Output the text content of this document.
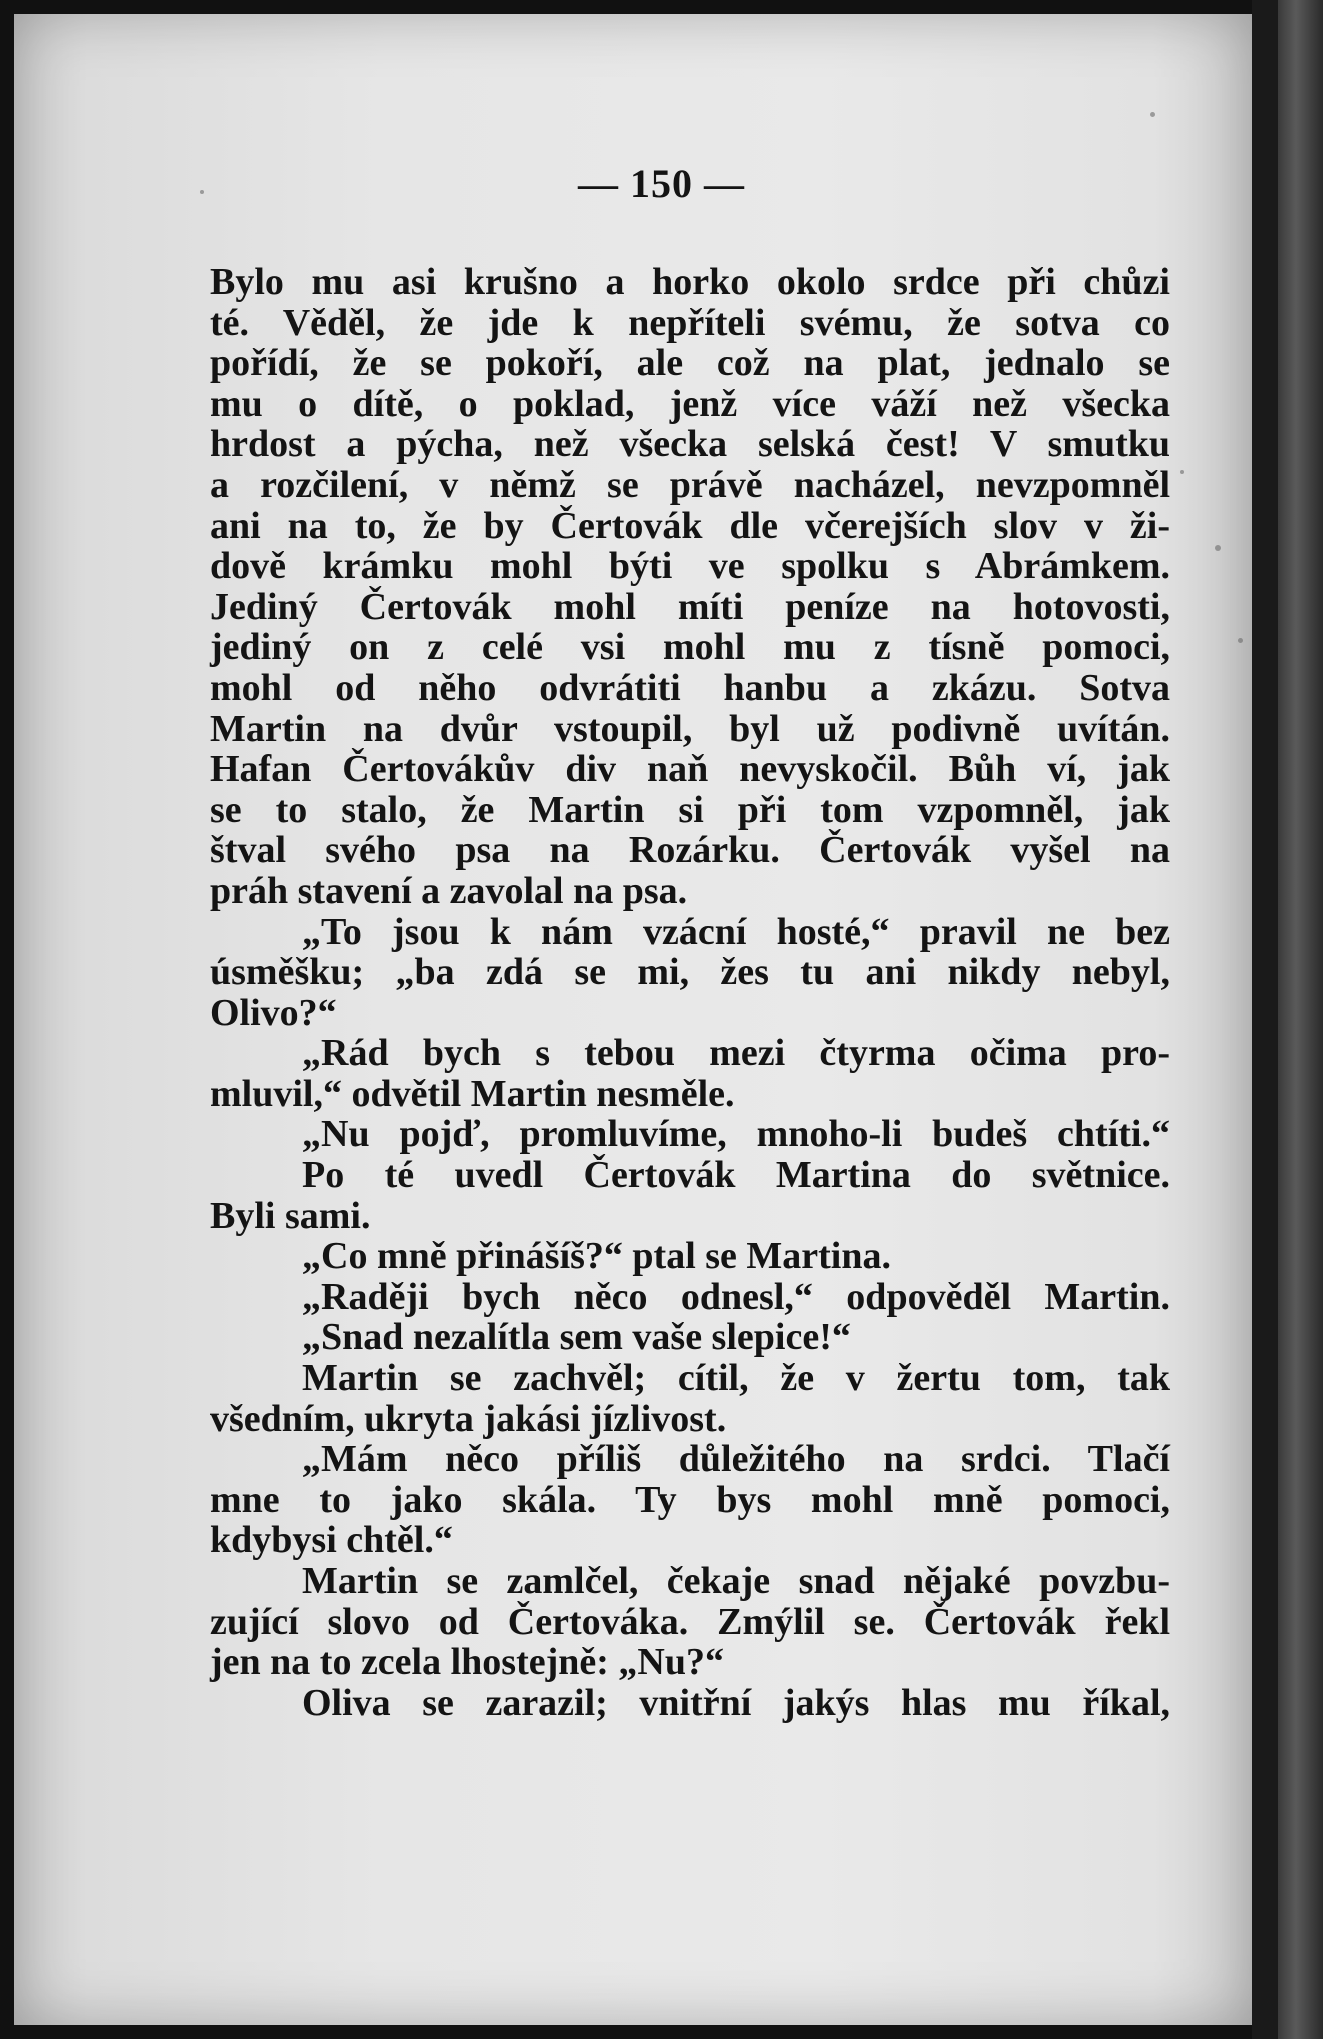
— 150 —
Bylo mu asi krušno a horko okolo srdce při chůzi
té. Věděl, že jde k nepříteli svému, že sotva co
pořídí, že se pokoří, ale což na plat, jednalo se
mu o dítě, o poklad, jenž více váží než všecka
hrdost a pýcha, než všecka selská čest! V smutku
a rozčilení, v němž se právě nacházel, nevzpomněl
ani na to, že by Čertovák dle včerejších slov v ži-
dově krámku mohl býti ve spolku s Abrámkem.
Jediný Čertovák mohl míti peníze na hotovosti,
jediný on z celé vsi mohl mu z tísně pomoci,
mohl od něho odvrátiti hanbu a zkázu. Sotva
Martin na dvůr vstoupil, byl už podivně uvítán.
Hafan Čertovákův div naň nevyskočil. Bůh ví, jak
se to stalo, že Martin si při tom vzpomněl, jak
štval svého psa na Rozárku. Čertovák vyšel na
práh stavení a zavolal na psa.
„To jsou k nám vzácní hosté,“ pravil ne bez
úsměšku; „ba zdá se mi, žes tu ani nikdy nebyl,
Olivo?“
„Rád bych s tebou mezi čtyrma očima pro-
mluvil,“ odvětil Martin nesměle.
„Nu pojď, promluvíme, mnoho-li budeš chtíti.“
Po té uvedl Čertovák Martina do světnice.
Byli sami.
„Co mně přinášíš?“ ptal se Martina.
„Raději bych něco odnesl,“ odpověděl Martin.
„Snad nezalítla sem vaše slepice!“
Martin se zachvěl; cítil, že v žertu tom, tak
všedním, ukryta jakási jízlivost.
„Mám něco příliš důležitého na srdci. Tlačí
mne to jako skála. Ty bys mohl mně pomoci,
kdybysi chtěl.“
Martin se zamlčel, čekaje snad nějaké povzbu-
zující slovo od Čertováka. Zmýlil se. Čertovák řekl
jen na to zcela lhostejně: „Nu?“
Oliva se zarazil; vnitřní jakýs hlas mu říkal,
